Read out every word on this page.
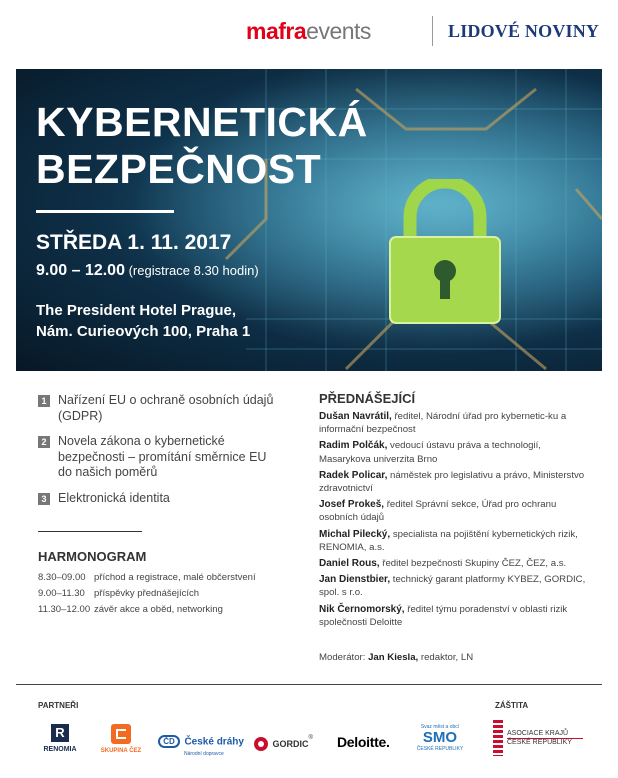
mafraevents	LIDOVÉ NOVINY
KYBERNETICKÁ
BEZPEČNOST
STŘEDA 1. 11. 2017
9.00 – 12.00 (registrace 8.30 hodin)
The President Hotel Prague,
Nám. Curieových 100, Praha 1
1 Nařízení EU o ochraně osobních údajů (GDPR)
2 Novela zákona o kybernetické bezpečnosti – promítání směrnice EU do našich poměrů
3 Elektronická identita
HARMONOGRAM
8.30–09.00 příchod a registrace, malé občerstvení
9.00–11.30 příspěvky přednášejících
11.30–12.00 závěr akce a oběd, networking
PŘEDNÁŠEJÍCÍ
Dušan Navrátil, ředitel, Národní úřad pro kybernetic-ku a informační bezpečnost
Radim Polčák, vedoucí ústavu práva a technologií, Masarykova univerzita Brno
Radek Policar, náměstek pro legislativu a právo, Ministerstvo zdravotnictví
Josef Prokeš, ředitel Správní sekce, Úřad pro ochranu osobních údajů
Michal Pilecký, specialista na pojištění kybernetických rizik, RENOMIA, a.s.
Daniel Rous, ředitel bezpečnosti Skupiny ČEZ, ČEZ, a.s.
Jan Dienstbier, technický garant platformy KYBEZ, GORDIC, spol. s r.o.
Nik Černomorský, ředitel týmu poradenství v oblasti rizik společnosti Deloitte
Moderátor: Jan Kiesla, redaktor, LN
PARTNEŘI	ZÁŠTITA
R
RENOMIA	SKUPINA ČEZ
ČD České dráhy
Národní dopravce
GORDIC®	Deloitte.
Svaz měst a obcí
SMO
ČESKÉ REPUBLIKY
ASOCIACE KRAJŮ
ČESKÉ REPUBLIKY
